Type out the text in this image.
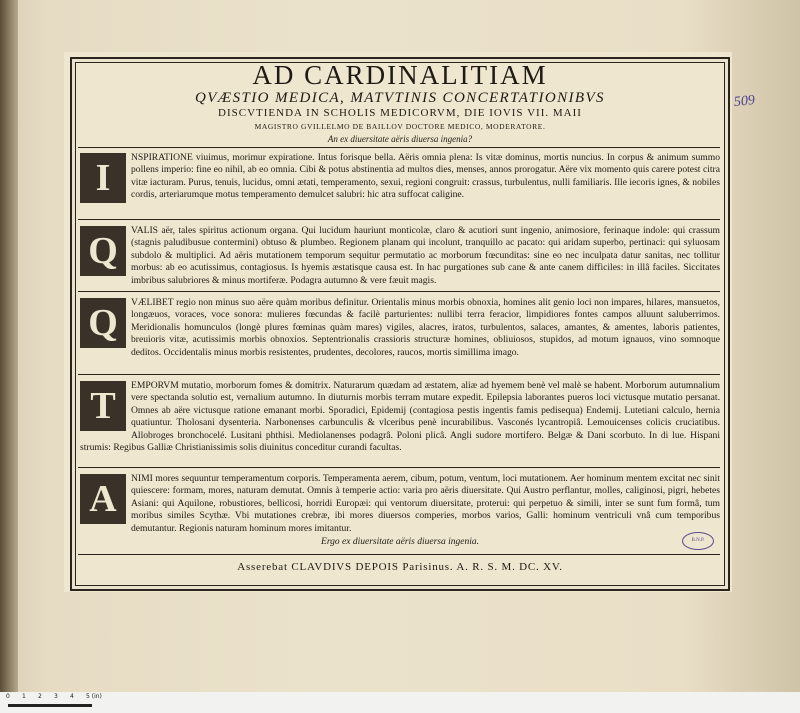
AD CARDINALITIAM
QVÆSTIO MEDICA, MATVTINIS CONCERTATIONIBVS
DISCVTIENDA IN SCHOLIS MEDICORVM, DIE IOVIS VII. MAII
MAGISTRO GVILLELMO DE BAILLOV DOCTORE MEDICO, MODERATORE.
An ex diuersitate aëris diuersa ingenia?
I	NSPIRATIONE viuimus, morimur expiratione. Intus forisque bella. Aëris omnia plena: Is vitæ dominus, mortis nuncius. In corpus & animum summo pollens imperio: fine eo nihil, ab eo omnia. Cibi & potus abstinentia ad multos dies, menses, annos prorogatur. Aëre vix momento quis carere potest citra vitæ iacturam. Purus, tenuis, lucidus, omni ætati, temperamento, sexui, regioni congruit: crassus, turbulentus, nulli familiaris. Ille iecoris ignes, & nobiles cordis, arteriarumque motus temperamento demulcet salubri: hic atra suffocat caligine.
Q	VALIS aër, tales spiritus actionum organa. Qui lucidum hauriunt monticolæ, claro & acutiori sunt ingenio, animosiore, ferinaque indole: qui crassum (stagnis paludibusue contermini) obtuso & plumbeo. Regionem planam qui incolunt, tranquillo ac pacato: qui aridam superbo, pertinaci: qui syluosam subdolo & multiplici. Ad aëris mutationem temporum sequitur permutatio ac morborum fœcunditas: sine eo nec inculpata datur sanitas, nec tollitur morbus: ab eo acutissimus, contagiosus. Is hyemis æstatisque causa est. In hac purgationes sub cane & ante canem difficiles: in illâ faciles. Siccitates imbribus salubriores & minus mortiferæ. Podagra autumno & vere fæuit magis.
Q	VÆLIBET regio non minus suo aëre quàm moribus definitur. Orientalis minus morbis obnoxia, homines alit genio loci non impares, hilares, mansuetos, longæuos, voraces, voce sonora: mulieres fœcundas & facilè parturientes: nullibi terra feracior, limpidiores fontes campos alluunt saluberrimos. Meridionalis homunculos (longè plures fœminas quàm mares) vigiles, alacres, iratos, turbulentos, salaces, amantes, & amentes, laboris patientes, breuioris vitæ, acutissimis morbis obnoxios. Septentrionalis crassioris structuræ homines, obliuiosos, stupidos, ad motum ignauos, vino somnoque deditos. Occidentalis minus morbis resistentes, prudentes, decolores, raucos, mortis simillima imago.
T	EMPORVM mutatio, morborum fomes & domitrix. Naturarum quædam ad æstatem, aliæ ad hyemem benè vel malè se habent. Morborum autumnalium vere spectanda solutio est, vernalium autumno. In diuturnis morbis terram mutare expedit. Epilepsia laborantes pueros loci victusque mutatio persanat. Omnes ab aëre victusque ratione emanant morbi. Sporadici, Epidemij (contagiosa pestis ingentis famis pedisequa) Endemij. Lutetiani calculo, hernia quatiuntur. Tholosani dysenteria. Narbonenses carbunculis & vlceribus penè incurabilibus. Vasconés lycantropiâ. Lemouicenses colicis cruciatibus. Allobroges bronchocelé. Lusitani phthisi. Mediolanenses podagrâ. Poloni plicâ. Angli sudore mortifero. Belgæ & Dani scorbuto. In di lue. Hispani strumis: Regibus Galliæ Christianissimis solis diuinitus conceditur curandi facultas.
A	NIMI mores sequuntur temperamentum corporis. Temperamenta aerem, cibum, potum, ventum, loci mutationem. Aer hominum mentem excitat nec sinit quiescere: formam, mores, naturam demutat. Omnis à temperie actio: varia pro aëris diuersitate. Qui Austro perflantur, molles, caliginosi, pigri, hebetes Asiani: qui Aquilone, robustiores, bellicosi, horridi Europæi: qui ventorum diuersitate, proterui: qui perpetuo & simili, inter se sunt fum formâ, tum moribus similes Scythæ. Vbi mutationes crebræ, ibi mores diuersos comperies, morbos varios, Galli: hominum ventriculi vnâ cum temporibus demutantur. Regionis naturam hominum mores imitantur.
Ergo ex diuersitate aëris diuersa ingenia.
Asserebat CLAVDIVS DEPOIS Parisinus. A. R. S. M. DC. XV.
509
B.N.P.
0 1 2 3 4 5 (in)
